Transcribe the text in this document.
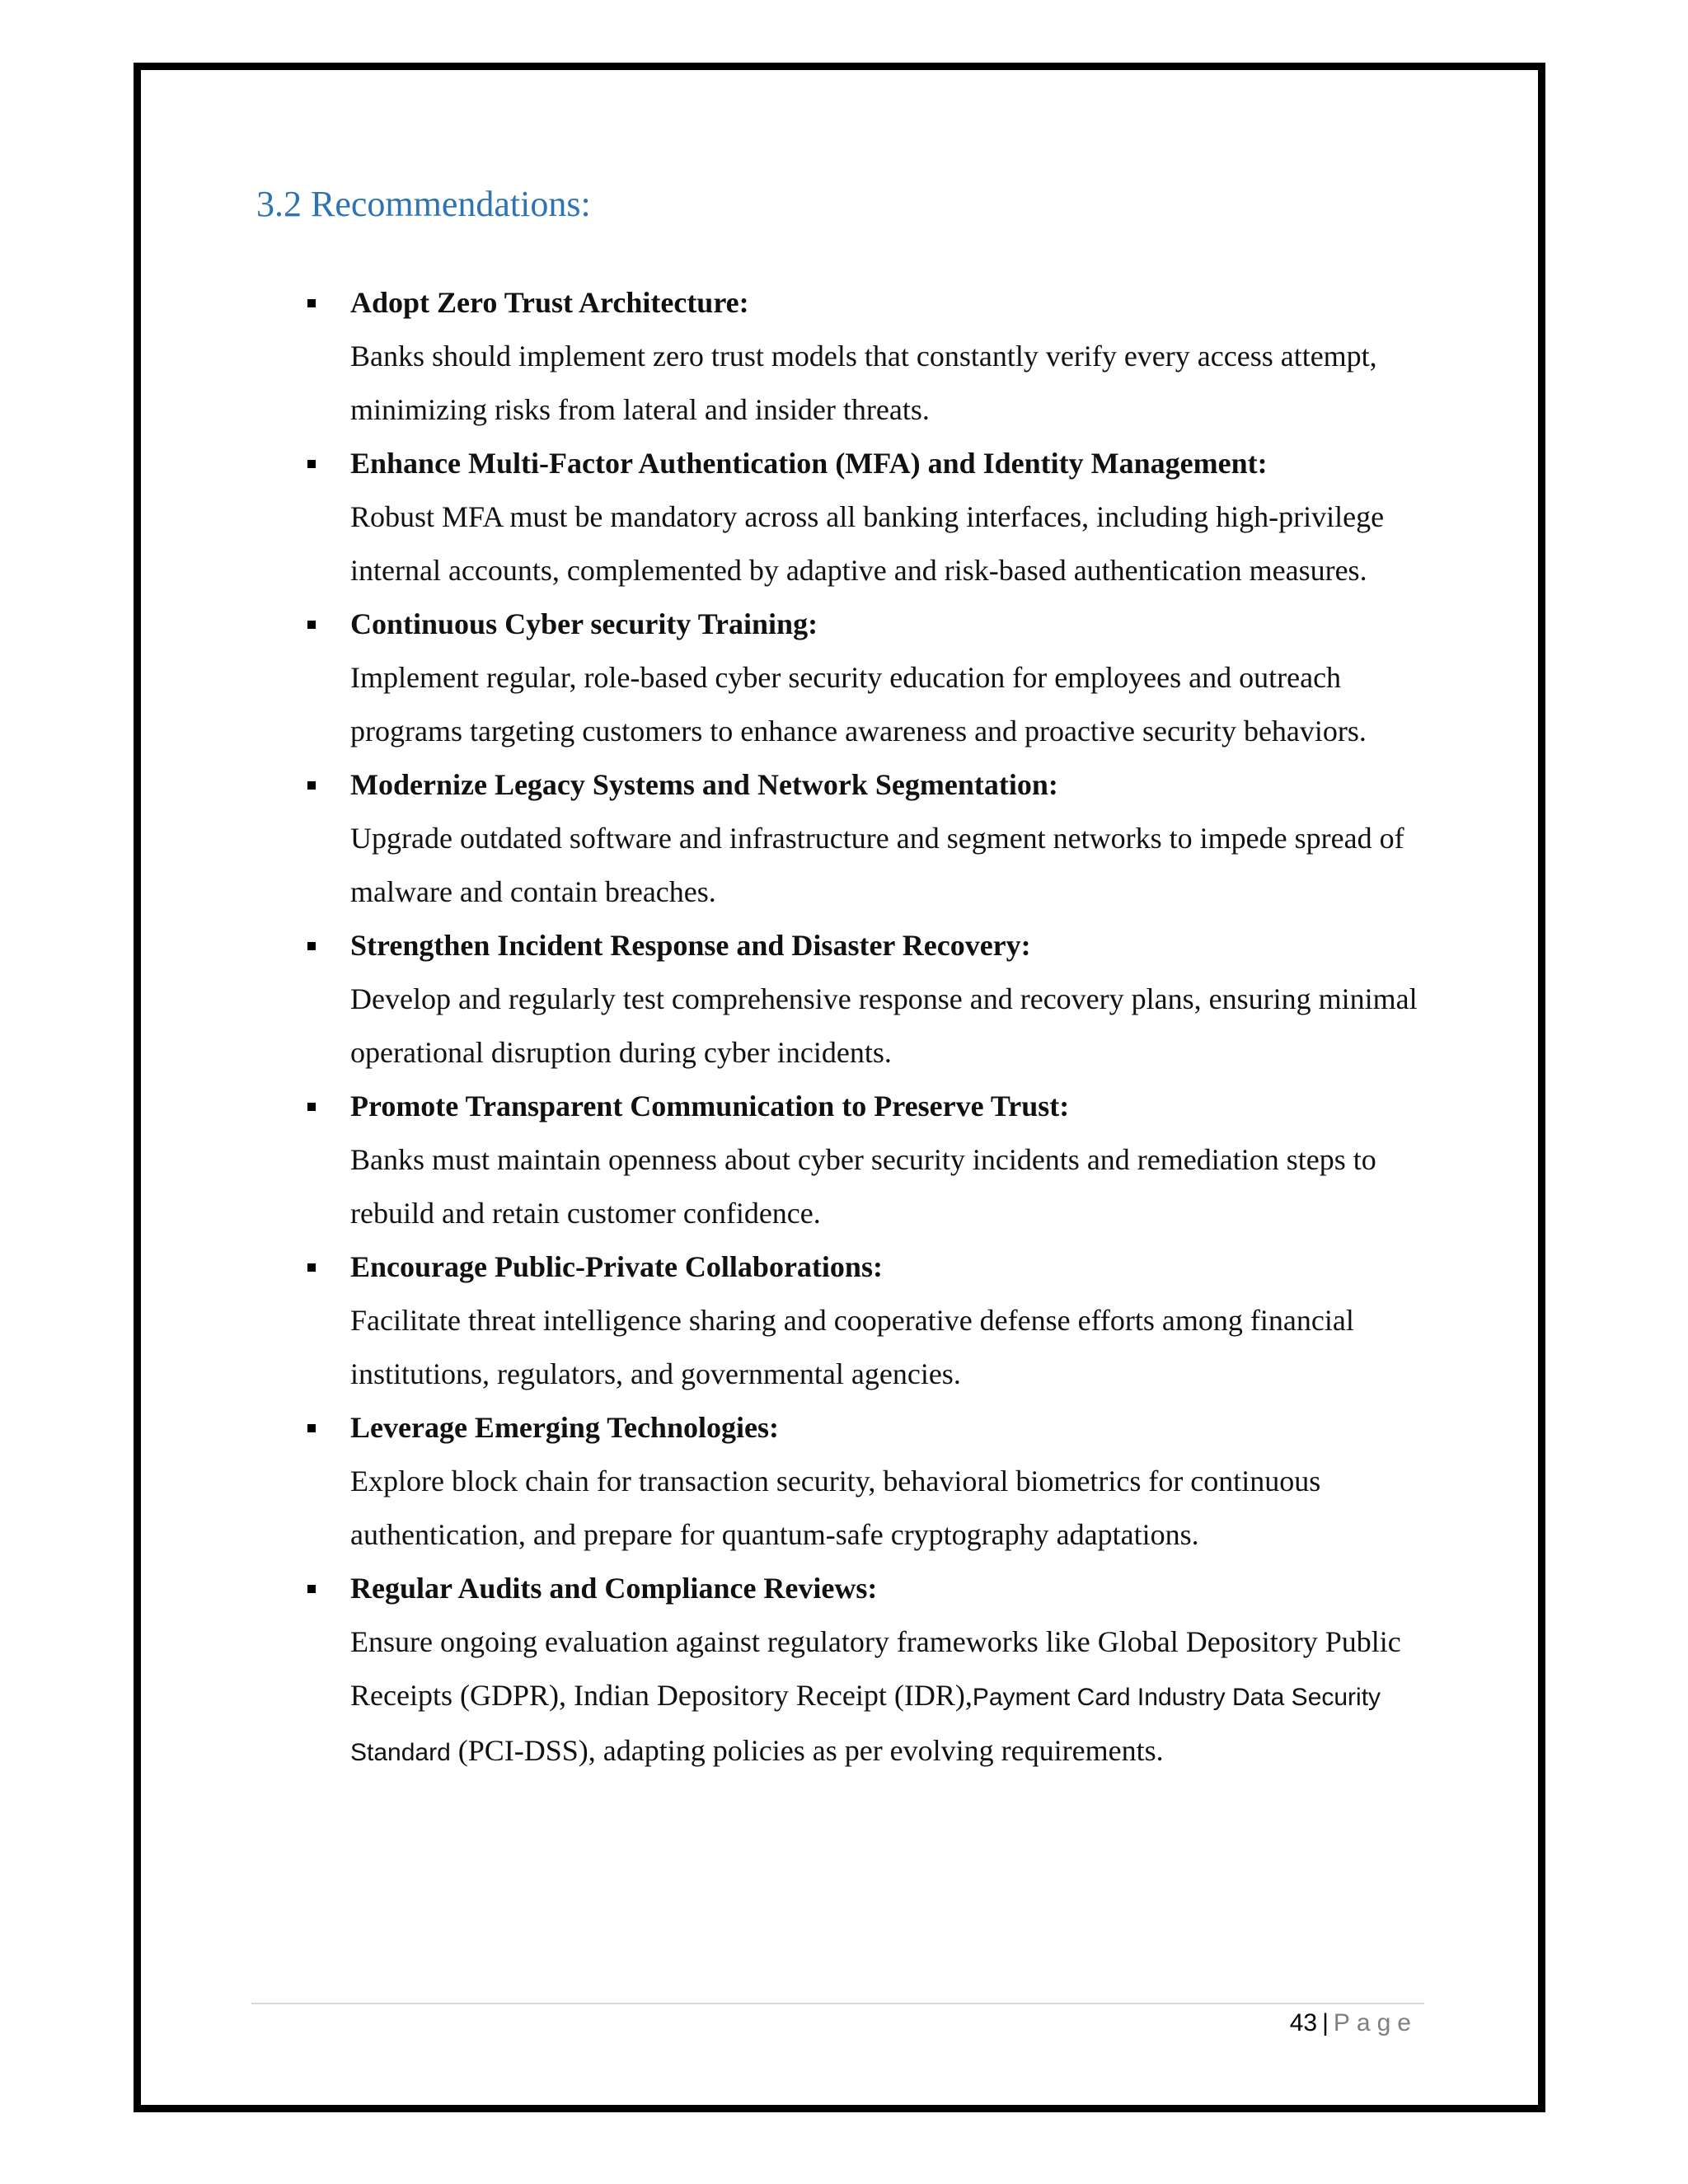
3.2 Recommendations:
Adopt Zero Trust Architecture:
Banks should implement zero trust models that constantly verify every access attempt, minimizing risks from lateral and insider threats.
Enhance Multi-Factor Authentication (MFA) and Identity Management:
Robust MFA must be mandatory across all banking interfaces, including high-privilege internal accounts, complemented by adaptive and risk-based authentication measures.
Continuous Cyber security Training:
Implement regular, role-based cyber security education for employees and outreach programs targeting customers to enhance awareness and proactive security behaviors.
Modernize Legacy Systems and Network Segmentation:
Upgrade outdated software and infrastructure and segment networks to impede spread of malware and contain breaches.
Strengthen Incident Response and Disaster Recovery:
Develop and regularly test comprehensive response and recovery plans, ensuring minimal operational disruption during cyber incidents.
Promote Transparent Communication to Preserve Trust:
Banks must maintain openness about cyber security incidents and remediation steps to rebuild and retain customer confidence.
Encourage Public-Private Collaborations:
Facilitate threat intelligence sharing and cooperative defense efforts among financial institutions, regulators, and governmental agencies.
Leverage Emerging Technologies:
Explore block chain for transaction security, behavioral biometrics for continuous authentication, and prepare for quantum-safe cryptography adaptations.
Regular Audits and Compliance Reviews:
Ensure ongoing evaluation against regulatory frameworks like Global Depository Public Receipts (GDPR), Indian Depository Receipt (IDR),Payment Card Industry Data Security Standard (PCI-DSS), adapting policies as per evolving requirements.
43 | Page
